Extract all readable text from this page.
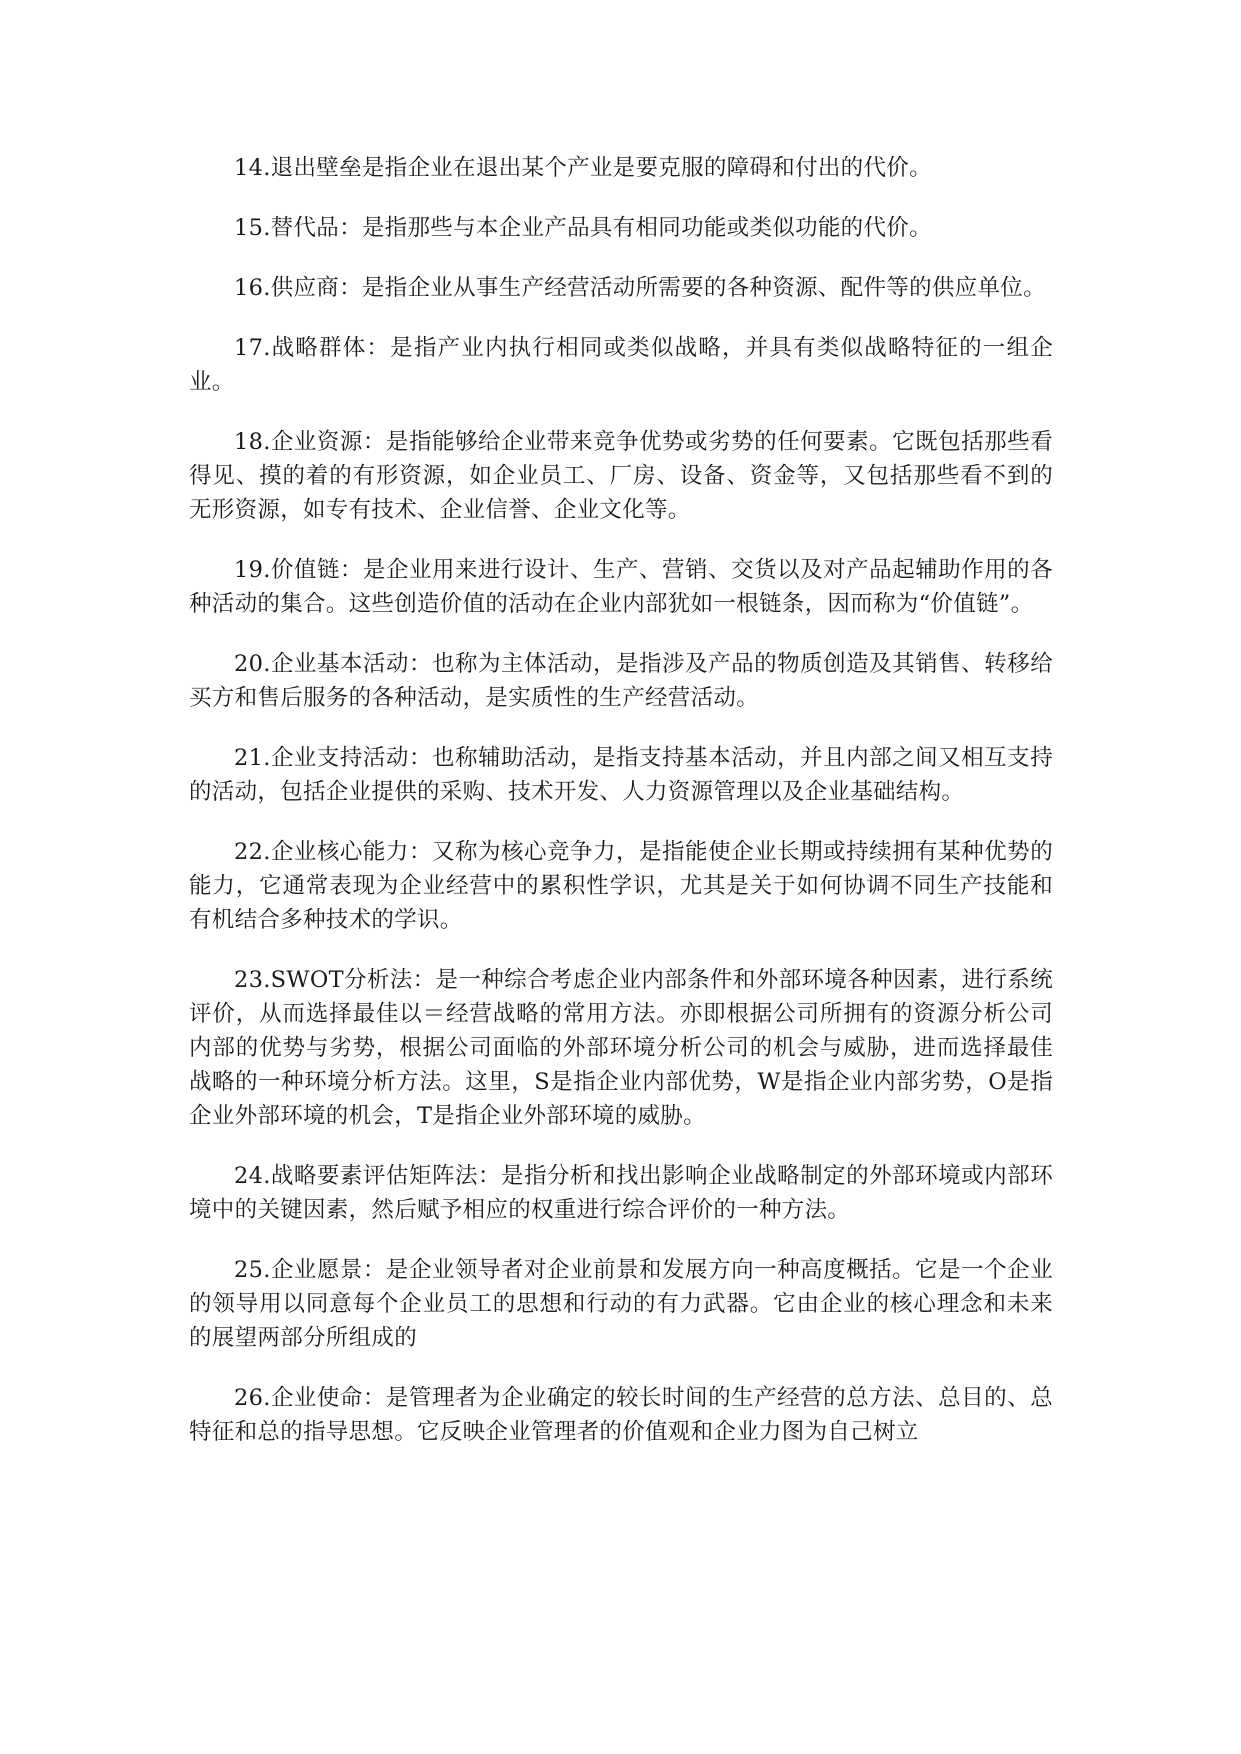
14.退出壁垒是指企业在退出某个产业是要克服的障碍和付出的代价。

15.替代品：是指那些与本企业产品具有相同功能或类似功能的代价。

16.供应商：是指企业从事生产经营活动所需要的各种资源、配件等的供应单位。

17.战略群体：是指产业内执行相同或类似战略，并具有类似战略特征的一组企业。

18.企业资源：是指能够给企业带来竞争优势或劣势的任何要素。它既包括那些看得见、摸的着的有形资源，如企业员工、厂房、设备、资金等，又包括那些看不到的无形资源，如专有技术、企业信誉、企业文化等。

19.价值链：是企业用来进行设计、生产、营销、交货以及对产品起辅助作用的各种活动的集合。这些创造价值的活动在企业内部犹如一根链条，因而称为“价值链”。

20.企业基本活动：也称为主体活动，是指涉及产品的物质创造及其销售、转移给买方和售后服务的各种活动，是实质性的生产经营活动。

21.企业支持活动：也称辅助活动，是指支持基本活动，并且内部之间又相互支持的活动，包括企业提供的采购、技术开发、人力资源管理以及企业基础结构。

22.企业核心能力：又称为核心竞争力，是指能使企业长期或持续拥有某种优势的能力，它通常表现为企业经营中的累积性学识，尤其是关于如何协调不同生产技能和有机结合多种技术的学识。

23.SWOT分析法：是一种综合考虑企业内部条件和外部环境各种因素，进行系统评价，从而选择最佳以＝经营战略的常用方法。亦即根据公司所拥有的资源分析公司内部的优势与劣势，根据公司面临的外部环境分析公司的机会与威胁，进而选择最佳战略的一种环境分析方法。这里，S是指企业内部优势，W是指企业内部劣势，O是指企业外部环境的机会，T是指企业外部环境的威胁。

24.战略要素评估矩阵法：是指分析和找出影响企业战略制定的外部环境或内部环境中的关键因素，然后赋予相应的权重进行综合评价的一种方法。

25.企业愿景：是企业领导者对企业前景和发展方向一种高度概括。它是一个企业的领导用以同意每个企业员工的思想和行动的有力武器。它由企业的核心理念和未来的展望两部分所组成的

26.企业使命：是管理者为企业确定的较长时间的生产经营的总方法、总目的、总特征和总的指导思想。它反映企业管理者的价值观和企业力图为自己树立
